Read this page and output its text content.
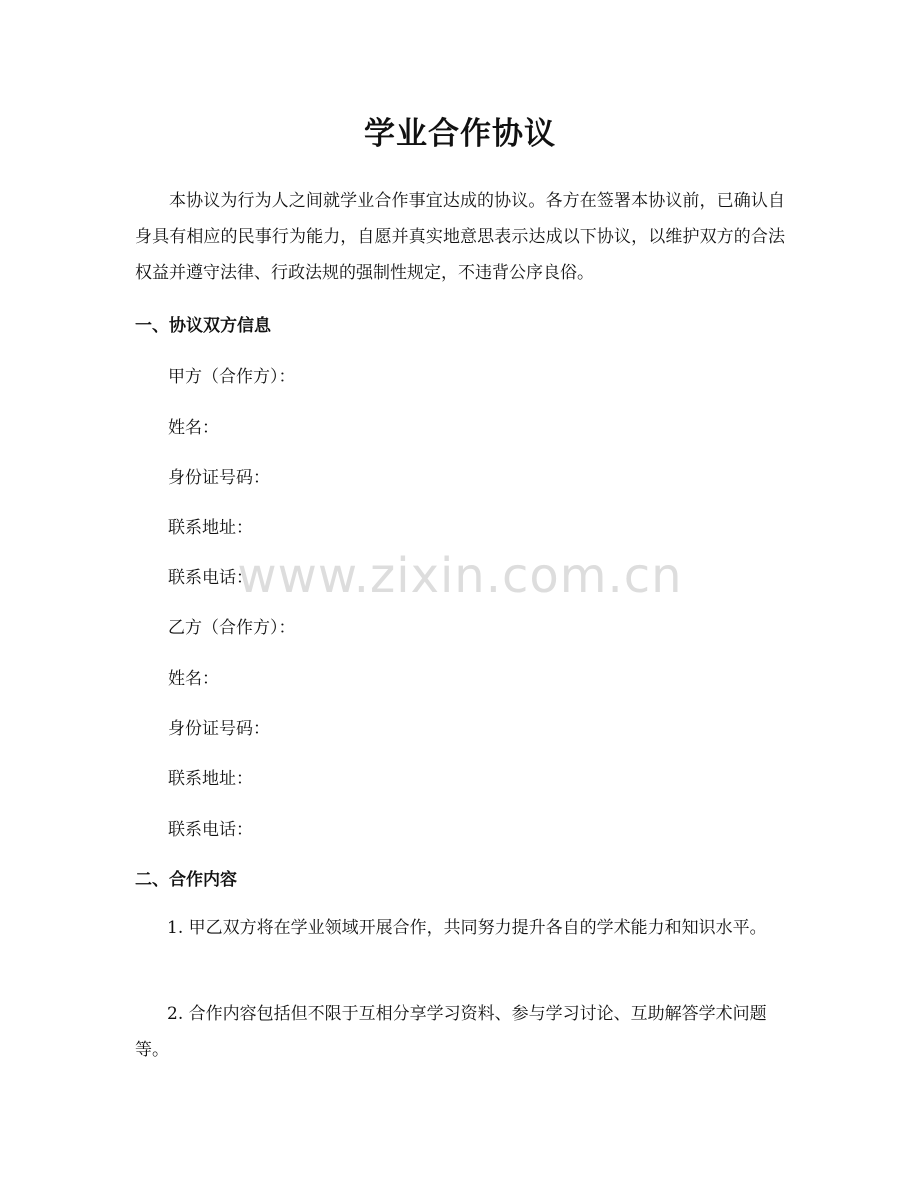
学业合作协议

本协议为行为人之间就学业合作事宜达成的协议。各方在签署本协议前，已确认自身具有相应的民事行为能力，自愿并真实地意思表示达成以下协议，以维护双方的合法权益并遵守法律、行政法规的强制性规定，不违背公序良俗。

一、协议双方信息

甲方（合作方）：

姓名：

身份证号码：

联系地址：

联系电话：

乙方（合作方）：

姓名：

身份证号码：

联系地址：

联系电话：

二、合作内容

1. 甲乙双方将在学业领域开展合作，共同努力提升各自的学术能力和知识水平。

2. 合作内容包括但不限于互相分享学习资料、参与学习讨论、互助解答学术问题等。

www.zixin.com.cn
